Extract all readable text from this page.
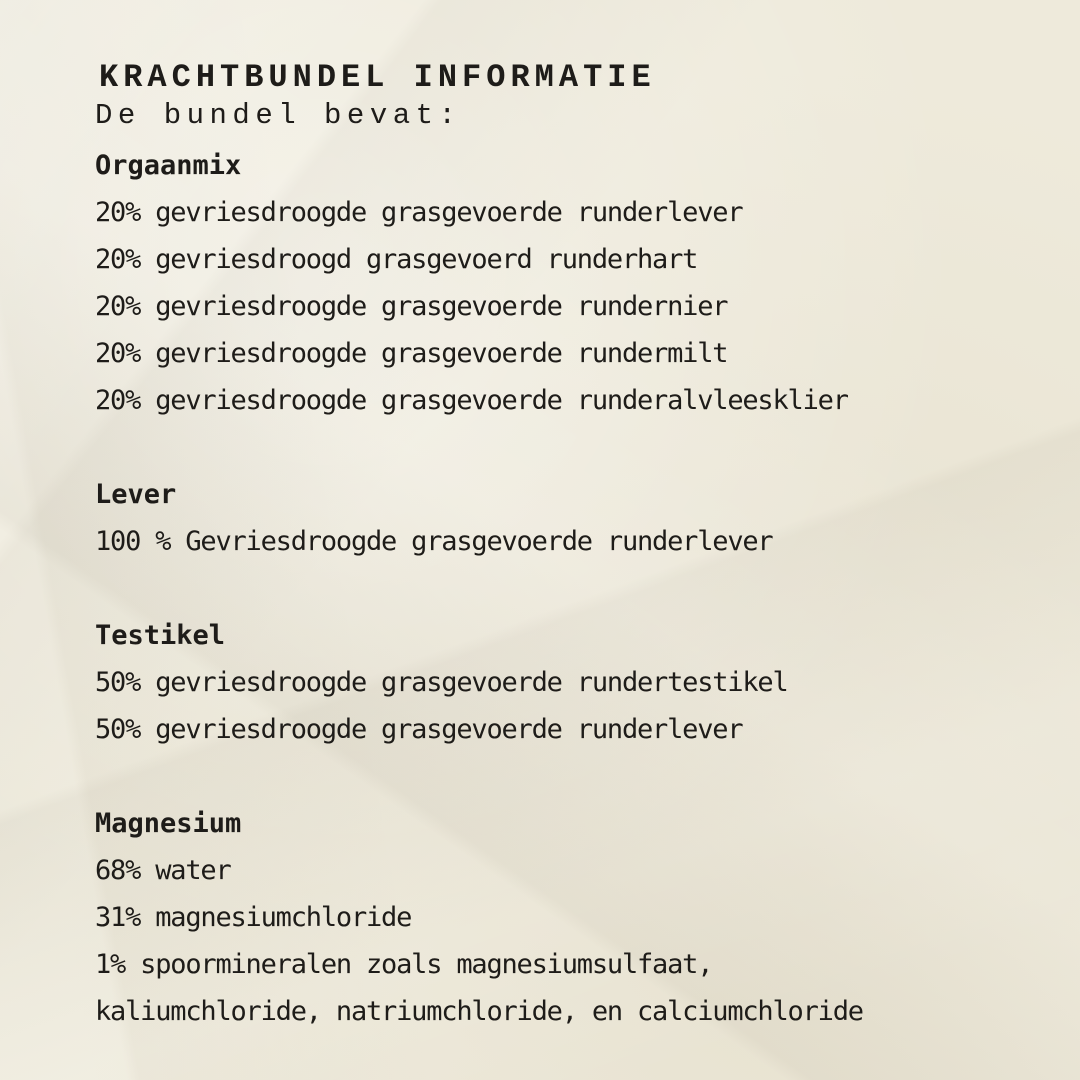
KRACHTBUNDEL INFORMATIE

De bundel bevat:

Orgaanmix

20% gevriesdroogde grasgevoerde runderlever

20% gevriesdroogd grasgevoerd runderhart

20% gevriesdroogde grasgevoerde rundernier

20% gevriesdroogde grasgevoerde rundermilt

20% gevriesdroogde grasgevoerde runderalvleesklier

Lever

100 % Gevriesdroogde grasgevoerde runderlever

Testikel

50% gevriesdroogde grasgevoerde rundertestikel

50% gevriesdroogde grasgevoerde runderlever

Magnesium

68% water

31% magnesiumchloride

1% spoormineralen zoals magnesiumsulfaat,

kaliumchloride, natriumchloride, en calciumchloride
